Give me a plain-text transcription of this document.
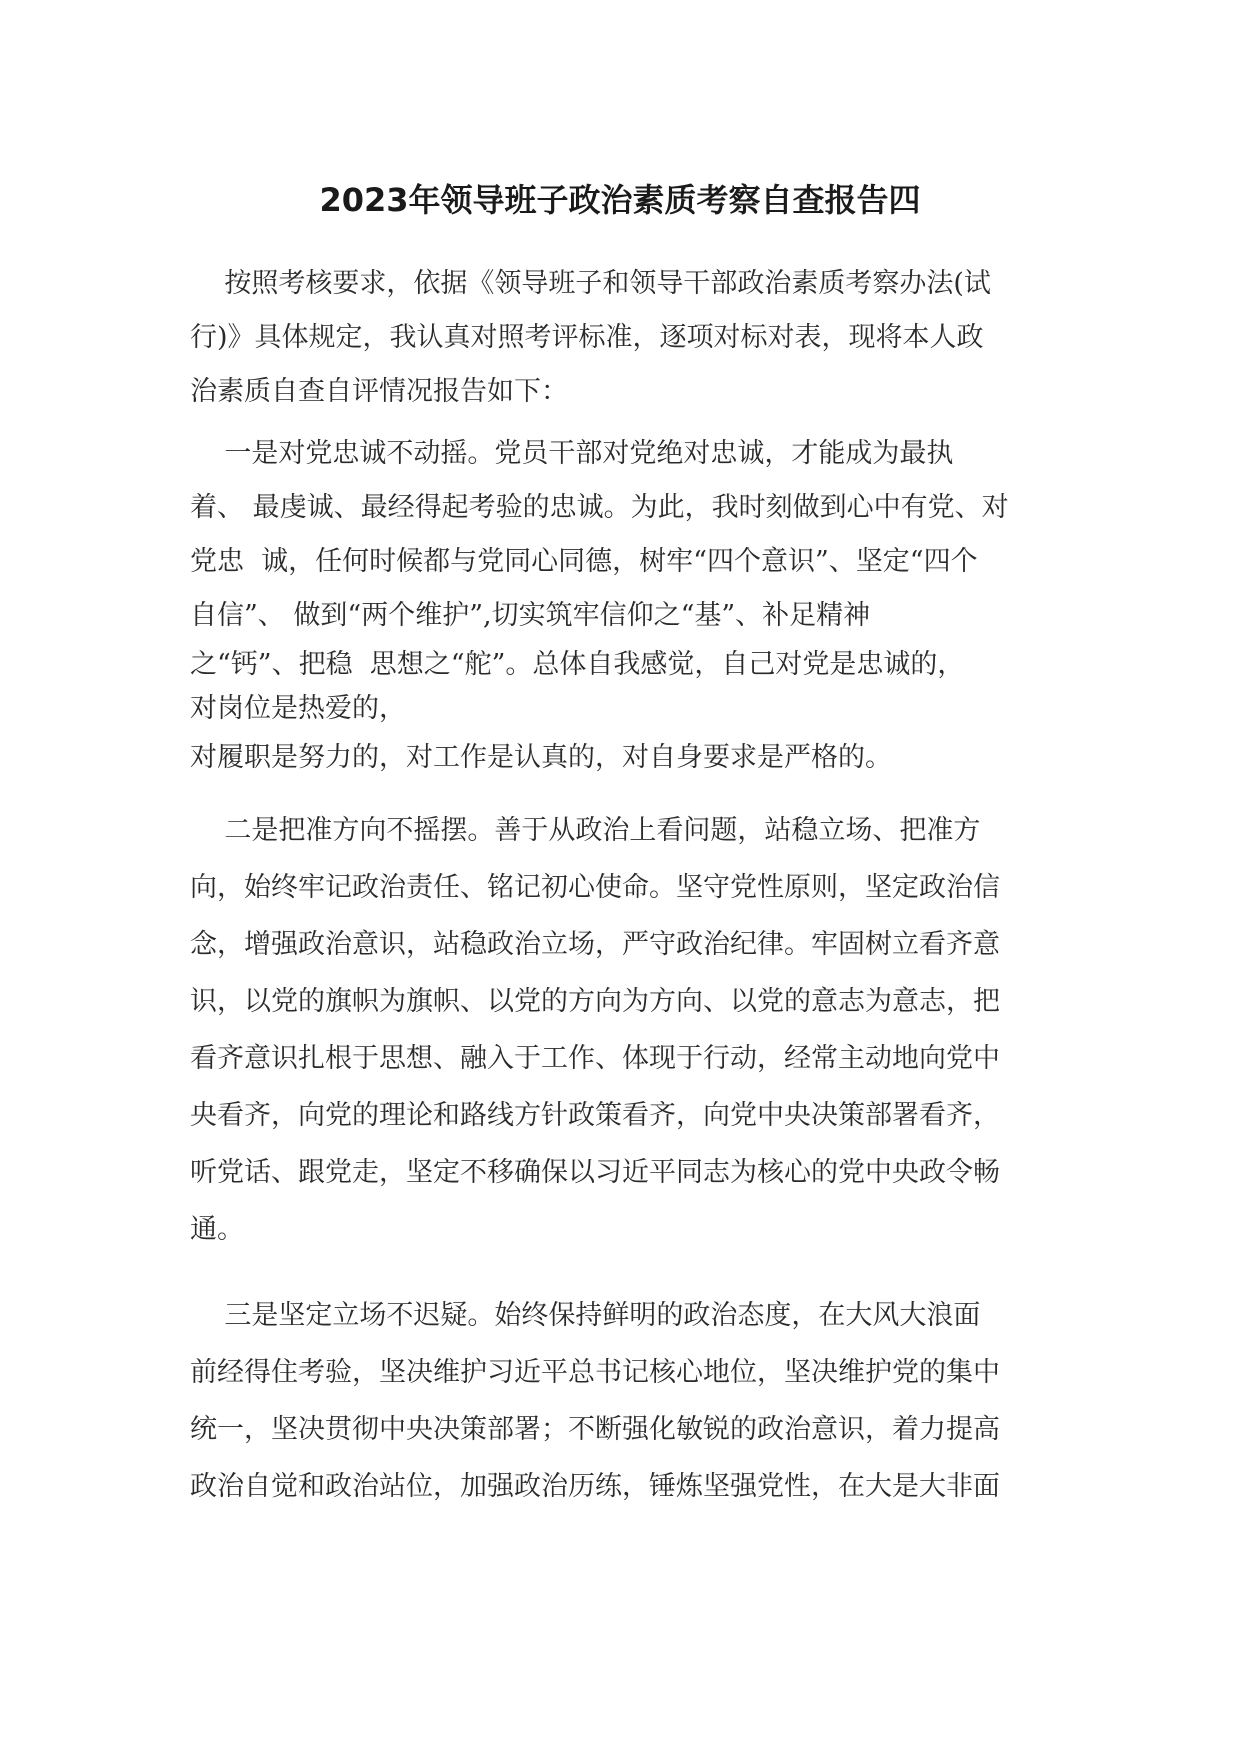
2023年领导班子政治素质考察自查报告四
按照考核要求，依据《领导班子和领导干部政治素质考察办法(试
行)》具体规定，我认真对照考评标准，逐项对标对表，现将本人政
治素质自查自评情况报告如下：
一是对党忠诚不动摇。党员干部对党绝对忠诚，才能成为最执
着、 最虔诚、最经得起考验的忠诚。为此，我时刻做到心中有党、对
党忠  诚，任何时候都与党同心同德，树牢“四个意识”、坚定“四个
自信”、 做到“两个维护”,切实筑牢信仰之“基”、补足精神
之“钙”、把稳  思想之“舵”。总体自我感觉，自己对党是忠诚的，
对岗位是热爱的，
对履职是努力的，对工作是认真的，对自身要求是严格的。
二是把准方向不摇摆。善于从政治上看问题，站稳立场、把准方
向，始终牢记政治责任、铭记初心使命。坚守党性原则，坚定政治信
念，增强政治意识，站稳政治立场，严守政治纪律。牢固树立看齐意
识，以党的旗帜为旗帜、以党的方向为方向、以党的意志为意志，把
看齐意识扎根于思想、融入于工作、体现于行动，经常主动地向党中
央看齐，向党的理论和路线方针政策看齐，向党中央决策部署看齐，
听党话、跟党走，坚定不移确保以习近平同志为核心的党中央政令畅
通。
三是坚定立场不迟疑。始终保持鲜明的政治态度，在大风大浪面
前经得住考验，坚决维护习近平总书记核心地位，坚决维护党的集中
统一，坚决贯彻中央决策部署；不断强化敏锐的政治意识，着力提高
政治自觉和政治站位，加强政治历练，锤炼坚强党性，在大是大非面
